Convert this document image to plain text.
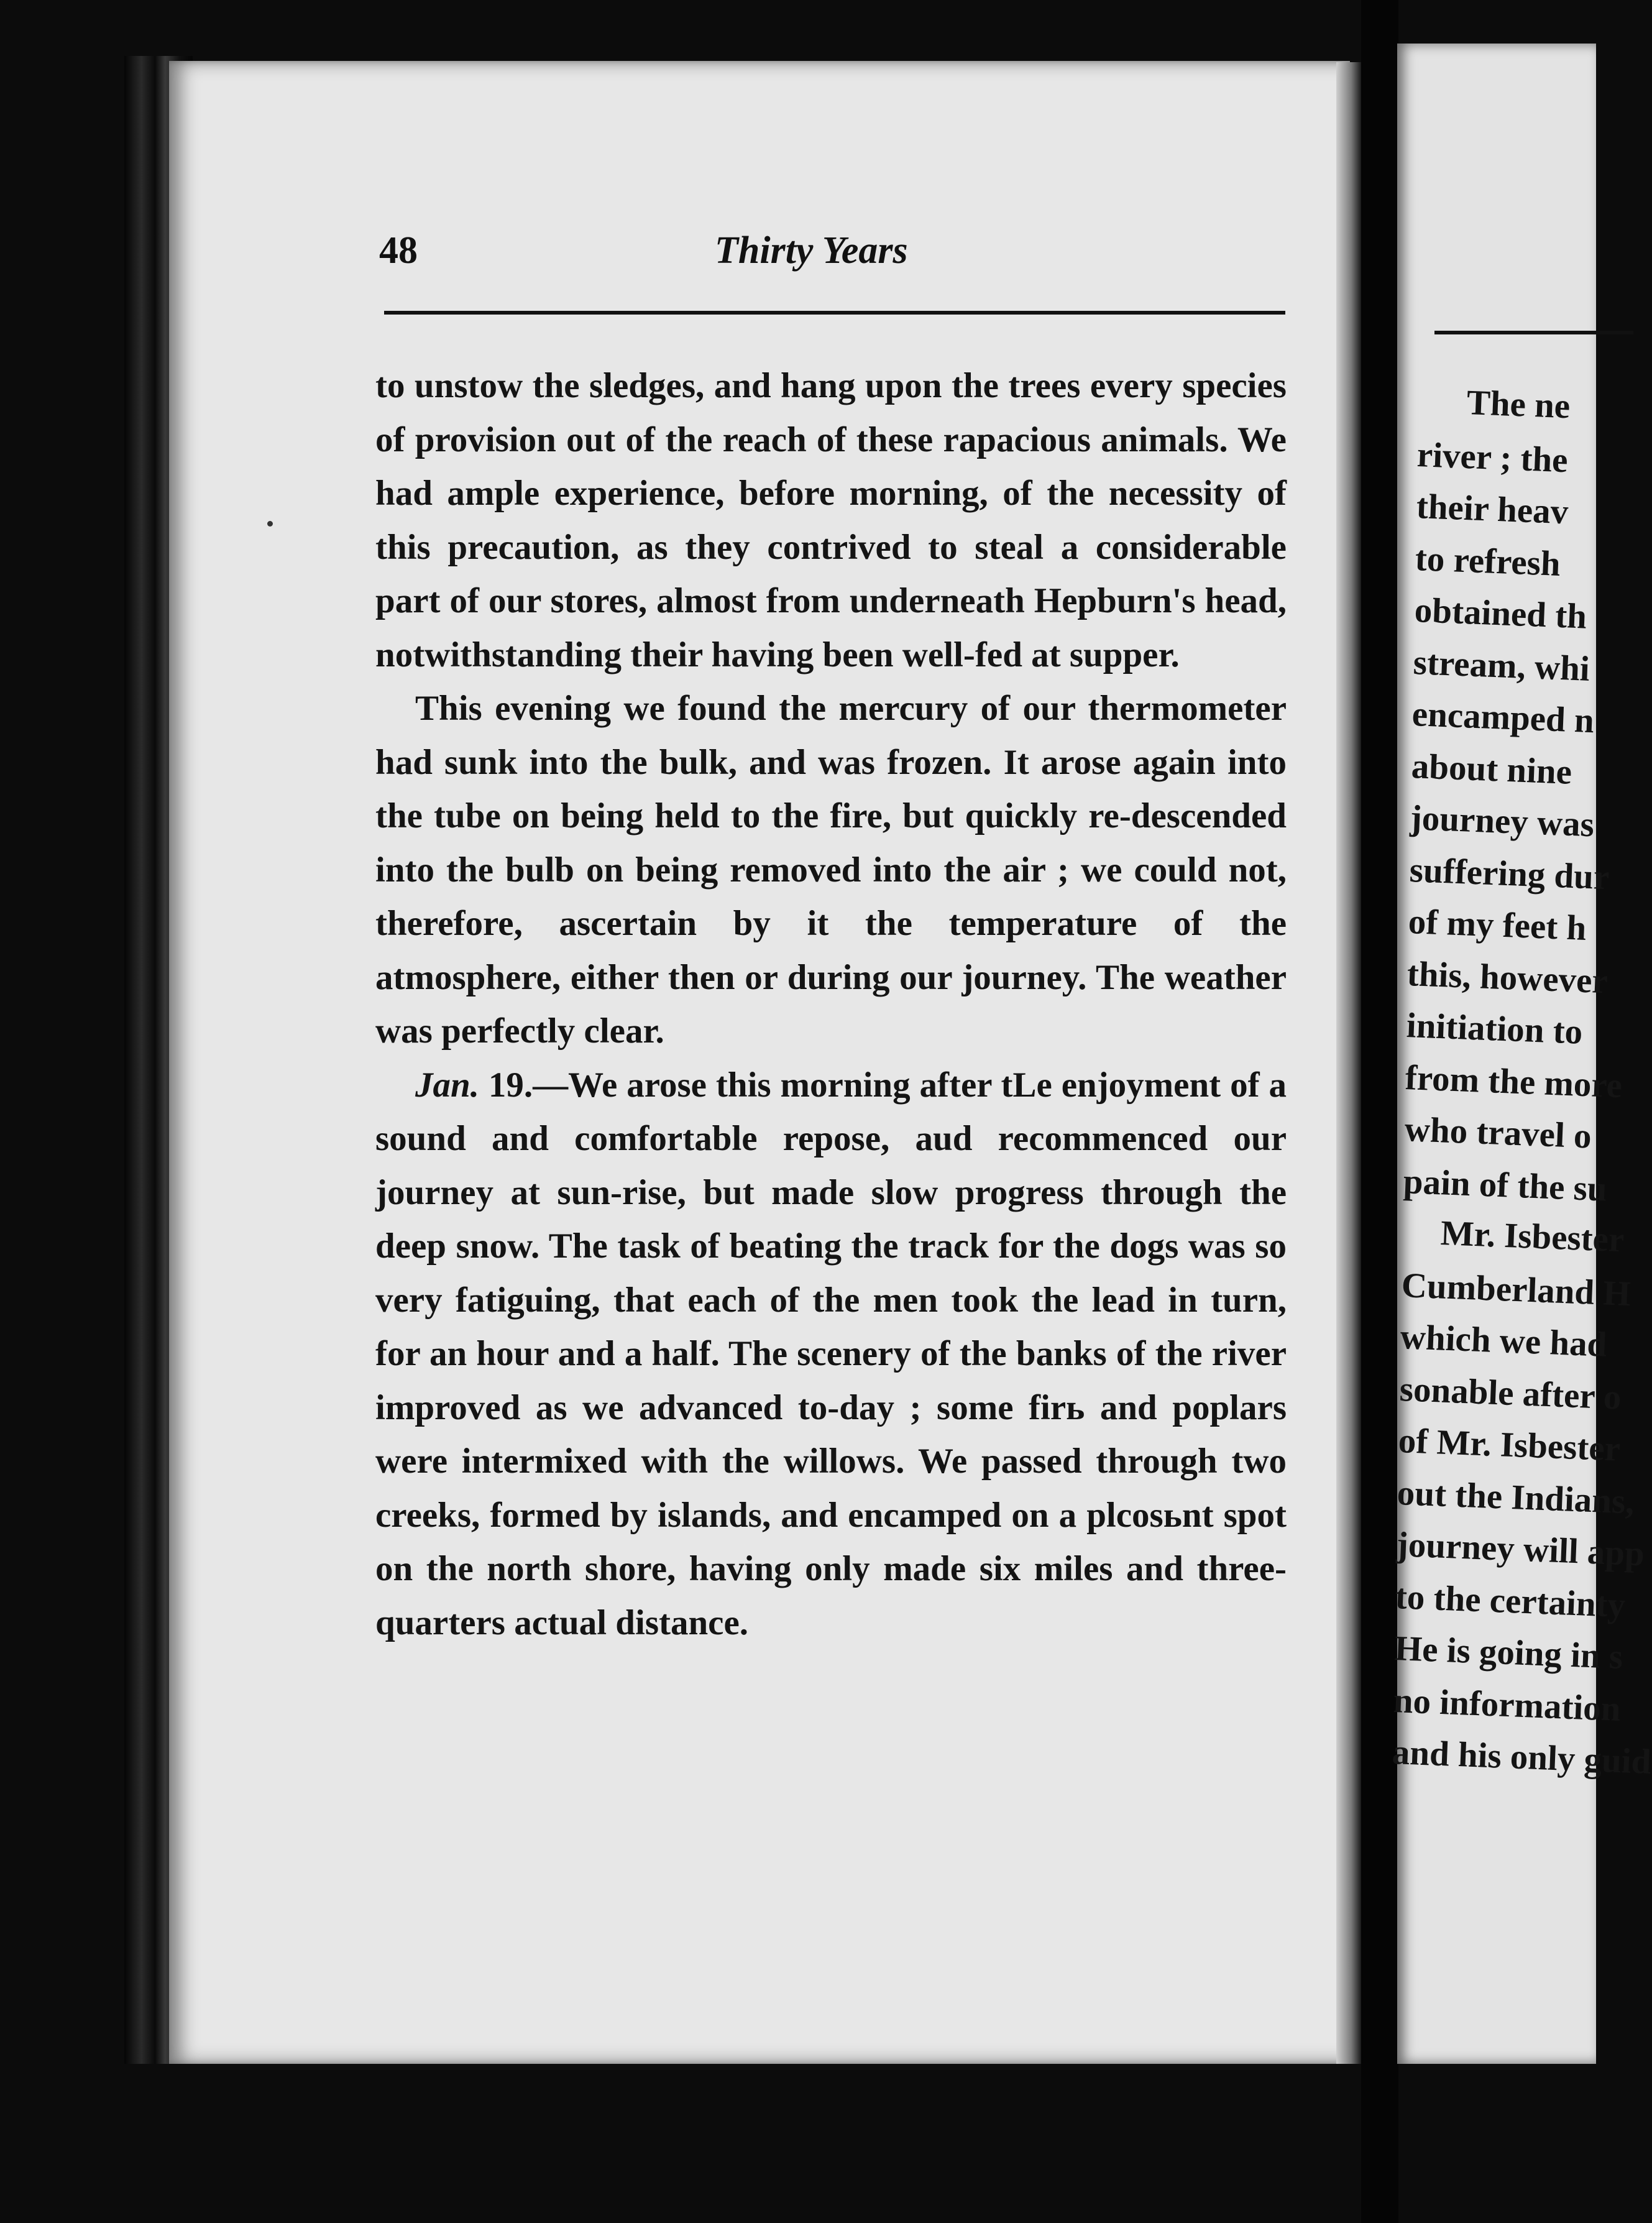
48	Thirty Years

to unstow the sledges, and hang upon the trees every species of provision out of the reach of these rapacious animals. We had ample experience, before morning, of the necessity of this precaution, as they contrived to steal a considerable part of our stores, almost from underneath Hepburn's head, notwithstanding their having been well-fed at supper.

This evening we found the mercury of our thermometer had sunk into the bulk, and was frozen. It arose again into the tube on being held to the fire, but quickly re-descended into the bulb on being removed into the air ; we could not, therefore, ascertain by it the temperature of the atmosphere, either then or during our journey. The weather was perfectly clear.

Jan. 19.—We arose this morning after tLe enjoyment of a sound and comfortable repose, aud recommenced our journey at sun-rise, but made slow progress through the deep snow. The task of beating the track for the dogs was so very fatiguing, that each of the men took the lead in turn, for an hour and a half. The scenery of the banks of the river improved as we advanced to-day ; some firь and poplars were intermixed with the willows. We passed through two creeks, formed by islands, and encamped on a plcosьnt spot on the north shore, having only made six miles and three-quarters actual distance.

The ne
river ; the
their heav
to refresh
obtained th
stream, whi
encamped n
about nine
journey was
suffering dur
of my feet h
this, however
initiation to
from the more
who travel o
pain of the su
Mr. Isbester
Cumberland H
which we had
sonable after o
of Mr. Isbester
out the Indians,
journey will app
to the certainty
He is going in s
no information
and his only guid
